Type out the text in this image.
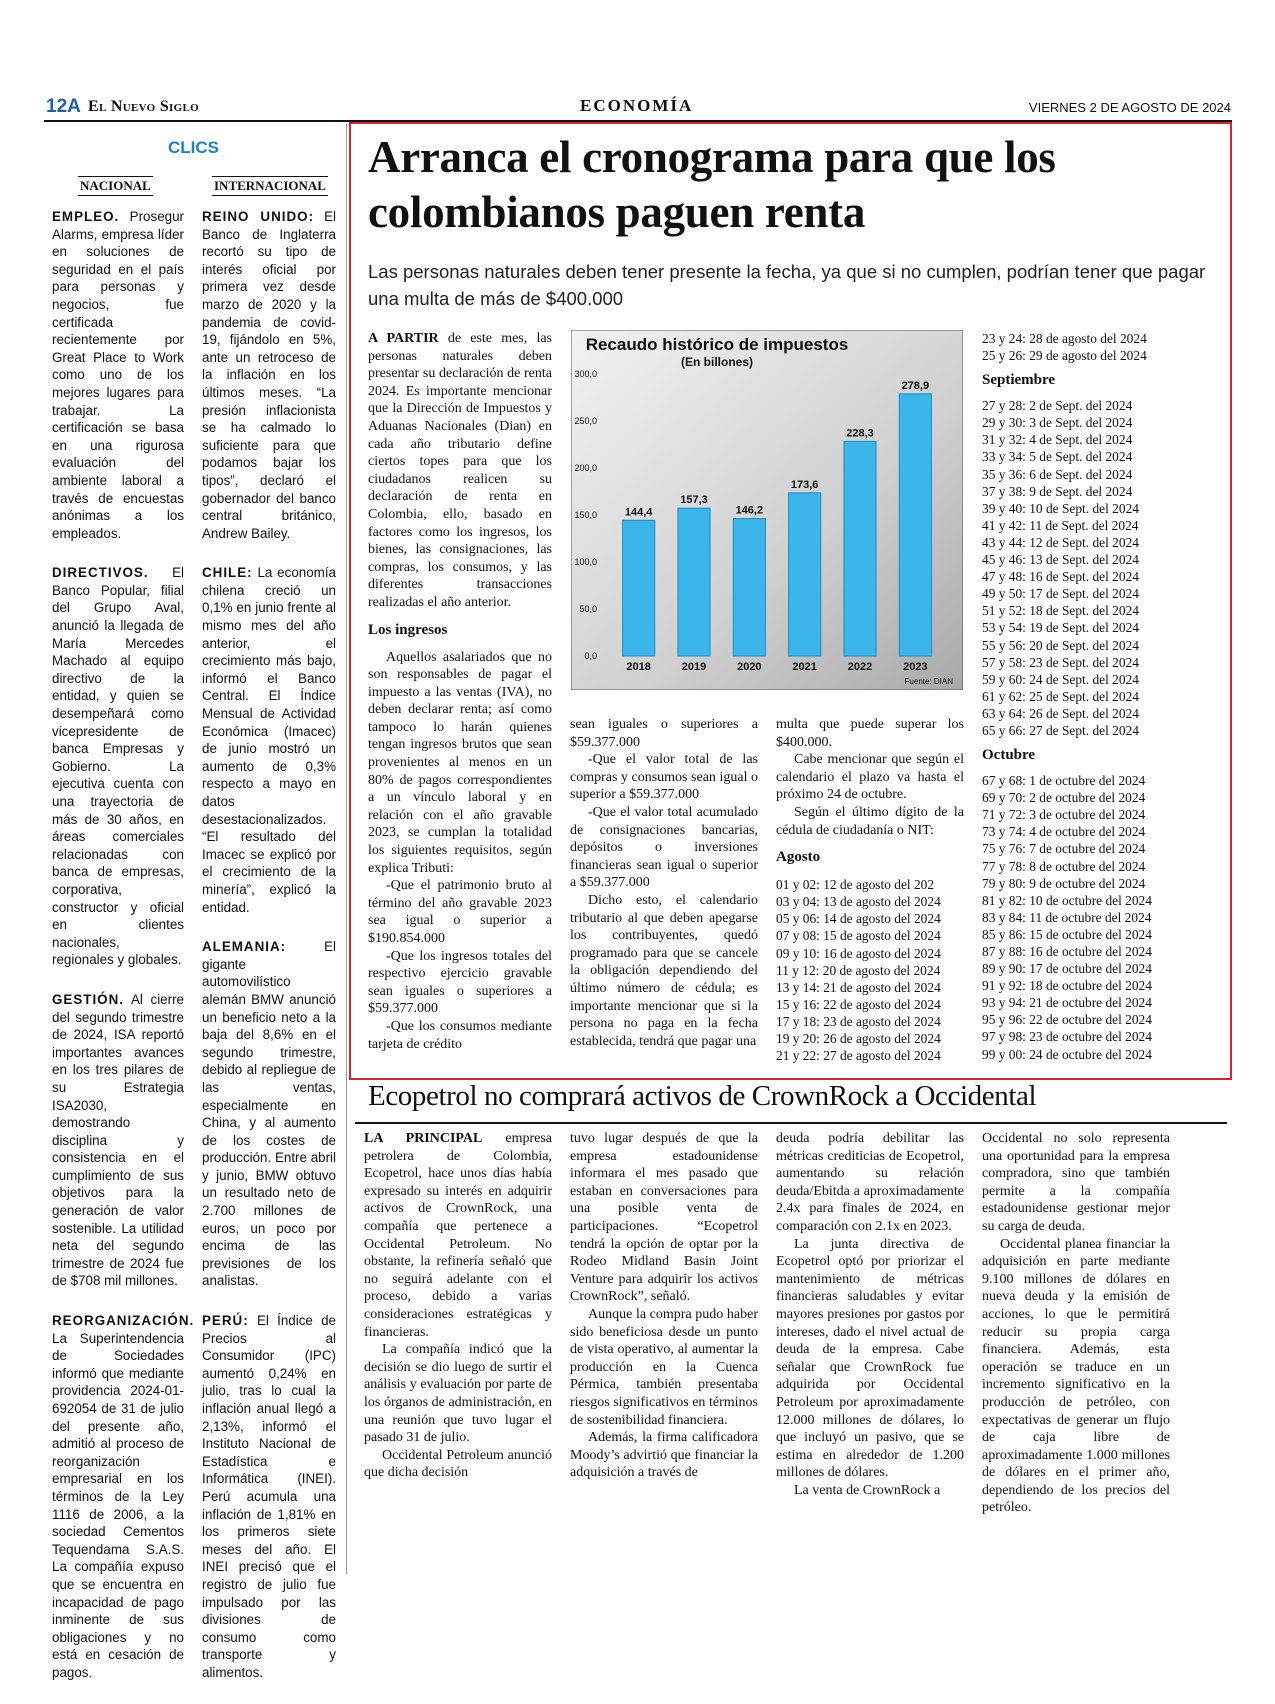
12A El Nuevo Siglo	ECONOMÍA	VIERNES 2 DE AGOSTO DE 2024
CLICS
NACIONAL	INTERNACIONAL

EMPLEO. Prosegur Alarms, empresa líder en soluciones de seguridad en el país para personas y negocios, fue certificada recientemente por Great Place to Work como uno de los mejores lugares para trabajar. La certificación se basa en una rigurosa evaluación del ambiente laboral a través de encuestas anónimas a los empleados.

DIRECTIVOS. El Banco Popular, filial del Grupo Aval, anunció la llegada de María Mercedes Machado al equipo directivo de la entidad, y quien se desempeñará como vicepresidente de banca Empresas y Gobierno. La ejecutiva cuenta con una trayectoria de más de 30 años, en áreas comerciales relacionadas con banca de empresas, corporativa, constructor y oficial en clientes nacionales, regionales y globales.

GESTIÓN. Al cierre del segundo trimestre de 2024, ISA reportó importantes avances en los tres pilares de su Estrategia ISA2030, demostrando disciplina y consistencia en el cumplimiento de sus objetivos para la generación de valor sostenible. La utilidad neta del segundo trimestre de 2024 fue de $708 mil millones.

REORGANIZACIÓN. La Superintendencia de Sociedades informó que mediante providencia 2024-01-692054 de 31 de julio del presente año, admitió al proceso de reorganización empresarial en los términos de la Ley 1116 de 2006, a la sociedad Cementos Tequendama S.A.S. La compañía expuso que se encuentra en incapacidad de pago inminente de sus obligaciones y no está en cesación de pagos.

REINO UNIDO: El Banco de Inglaterra recortó su tipo de interés oficial por primera vez desde marzo de 2020 y la pandemia de covid-19, fijándolo en 5%, ante un retroceso de la inflación en los últimos meses. “La presión inflacionista se ha calmado lo suficiente para que podamos bajar los tipos”, declaró el gobernador del banco central británico, Andrew Bailey.

CHILE: La economía chilena creció un 0,1% en junio frente al mismo mes del año anterior, el crecimiento más bajo, informó el Banco Central. El Índice Mensual de Actividad Económica (Imacec) de junio mostró un aumento de 0,3% respecto a mayo en datos desestacionalizados. “El resultado del Imacec se explicó por el crecimiento de la minería”, explicó la entidad.

ALEMANIA:	El gigante automovilístico alemán BMW anunció un beneficio neto a la baja del 8,6% en el segundo trimestre, debido al repliegue de las ventas, especialmente en China, y al aumento de los costes de producción. Entre abril y junio, BMW obtuvo un resultado neto de 2.700 millones de euros, un poco por encima de las previsiones de los analistas.

PERÚ: El Índice de Precios al Consumidor (IPC) aumentó 0,24% en julio, tras lo cual la inflación anual llegó a 2,13%, informó el Instituto Nacional de Estadística e Informática (INEI). Perú acumula una inflación de 1,81% en los primeros siete meses del año. El INEI precisó que el registro de julio fue impulsado por las divisiones de consumo como transporte y alimentos.

Arranca el cronograma para que los colombianos paguen renta
Las personas naturales deben tener presente la fecha, ya que si no cumplen, podrían tener que pagar una multa de más de $400.000

A PARTIR de este mes, las personas naturales deben presentar su declaración de renta 2024. Es importante mencionar que la Dirección de Impuestos y Aduanas Nacionales (Dian) en cada año tributario define ciertos topes para que los ciudadanos realicen su declaración de renta en Colombia, ello, basado en factores como los ingresos, los bienes, las consignaciones, las compras, los consumos, y las diferentes transacciones realizadas el año anterior.

Los ingresos

Aquellos asalariados que no son responsables de pagar el impuesto a las ventas (IVA), no deben declarar renta; así como tampoco lo harán quienes tengan ingresos brutos que sean provenientes al menos en un 80% de pagos correspondientes a un vínculo laboral y en relación con el año gravable 2023, se cumplan la totalidad los siguientes requisitos, según explica Tributi:

-Que el patrimonio bruto al término del año gravable 2023 sea igual o superior a $190.854.000

-Que los ingresos totales del respectivo ejercicio gravable sean iguales o superiores a $59.377.000

-Que los consumos mediante tarjeta de crédito

sean iguales o superiores a $59.377.000

-Que el valor total de las compras y consumos sean igual o superior a $59.377.000

-Que el valor total acumulado de consignaciones bancarias, depósitos o inversiones financieras sean igual o superior a $59.377.000

Dicho esto, el calendario tributario al que deben apegarse los contribuyentes, quedó programado para que se cancele la obligación dependiendo del último número de cédula; es importante mencionar que si la persona no paga en la fecha establecida, tendrá que pagar una

multa que puede superar los $400.000.

Cabe mencionar que según el calendario el plazo va hasta el próximo 24 de octubre.

Según el último dígito de la cédula de ciudadanía o NIT:

Agosto
01 y 02: 12 de agosto del 202
03 y 04: 13 de agosto del 2024
05 y 06: 14 de agosto del 2024
07 y 08: 15 de agosto del 2024
09 y 10: 16 de agosto del 2024
11 y 12: 20 de agosto del 2024
13 y 14: 21 de agosto del 2024
15 y 16: 22 de agosto del 2024
17 y 18: 23 de agosto del 2024
19 y 20: 26 de agosto del 2024
21 y 22: 27 de agosto del 2024
23 y 24: 28 de agosto del 2024
25 y 26: 29 de agosto del 2024
Septiembre
27 y 28: 2 de Sept. del 2024
29 y 30: 3 de Sept. del 2024
31 y 32: 4 de Sept. del 2024
33 y 34: 5 de Sept. del 2024
35 y 36: 6 de Sept. del 2024
37 y 38: 9 de Sept. del 2024
39 y 40: 10 de Sept. del 2024
41 y 42: 11 de Sept. del 2024
43 y 44: 12 de Sept. del 2024
45 y 46: 13 de Sept. del 2024
47 y 48: 16 de Sept. del 2024
49 y 50: 17 de Sept. del 2024
51 y 52: 18 de Sept. del 2024
53 y 54: 19 de Sept. del 2024
55 y 56: 20 de Sept. del 2024
57 y 58: 23 de Sept. del 2024
59 y 60: 24 de Sept. del 2024
61 y 62: 25 de Sept. del 2024
63 y 64: 26 de Sept. del 2024
65 y 66: 27 de Sept. del 2024
Octubre
67 y 68: 1 de octubre del 2024
69 y 70: 2 de octubre del 2024
71 y 72: 3 de octubre del 2024
73 y 74: 4 de octubre del 2024
75 y 76: 7 de octubre del 2024
77 y 78: 8 de octubre del 2024
79 y 80: 9 de octubre del 2024
81 y 82: 10 de octubre del 2024
83 y 84: 11 de octubre del 2024
85 y 86: 15 de octubre del 2024
87 y 88: 16 de octubre del 2024
89 y 90: 17 de octubre del 2024
91 y 92: 18 de octubre del 2024
93 y 94: 21 de octubre del 2024
95 y 96: 22 de octubre del 2024
97 y 98: 23 de octubre del 2024
99 y 00: 24 de octubre del 2024
Recaudo histórico de impuestos
(En billones)
0,0
50,0
100,0
150,0
200,0
250,0
300,0
144,4
2018
157,3
2019
146,2
2020
173,6
2021
228,3
2022
278,9
2023
Fuente: DIAN
Ecopetrol no comprará activos de CrownRock a Occidental

LA PRINCIPAL empresa petrolera de Colombia, Ecopetrol, hace unos días había expresado su interés en adquirir activos de CrownRock, una compañía que pertenece a Occidental Petroleum. No obstante, la refinería señaló que no seguirá adelante con el proceso, debido a varias consideraciones estratégicas y financieras.

La compañía indicó que la decisión se dio luego de surtir el análisis y evaluación por parte de los órganos de administración, en una reunión que tuvo lugar el pasado 31 de julio.

Occidental Petroleum anunció que dicha decisión

tuvo lugar después de que la empresa estadounidense informara el mes pasado que estaban en conversaciones para una posible venta de participaciones. “Ecopetrol tendrá la opción de optar por la Rodeo Midland Basin Joint Venture para adquirir los activos CrownRock”, señaló.

Aunque la compra pudo haber sido beneficiosa desde un punto de vista operativo, al aumentar la producción en la Cuenca Pérmica, también presentaba riesgos significativos en términos de sostenibilidad financiera.

Además, la firma calificadora Moody’s advirtió que financiar la adquisición a través de

deuda podría debilitar las métricas crediticias de Ecopetrol, aumentando su relación deuda/Ebitda a aproximadamente 2.4x para finales de 2024, en comparación con 2.1x en 2023.

La junta directiva de Ecopetrol optó por priorizar el mantenimiento de métricas financieras saludables y evitar mayores presiones por gastos por intereses, dado el nivel actual de deuda de la empresa. Cabe señalar que CrownRock fue adquirida por Occidental Petroleum por aproximadamente 12.000 millones de dólares, lo que incluyó un pasivo, que se estima en alrededor de 1.200 millones de dólares.

La venta de CrownRock a

Occidental no solo representa una oportunidad para la empresa compradora, sino que también permite a la compañía estadounidense gestionar mejor su carga de deuda.

Occidental planea financiar la adquisición en parte mediante 9.100 millones de dólares en nueva deuda y la emisión de acciones, lo que le permitirá reducir su propia carga financiera. Además, esta operación se traduce en un incremento significativo en la producción de petróleo, con expectativas de generar un flujo de caja libre de aproximadamente 1.000 millones de dólares en el primer año, dependiendo de los precios del petróleo.
